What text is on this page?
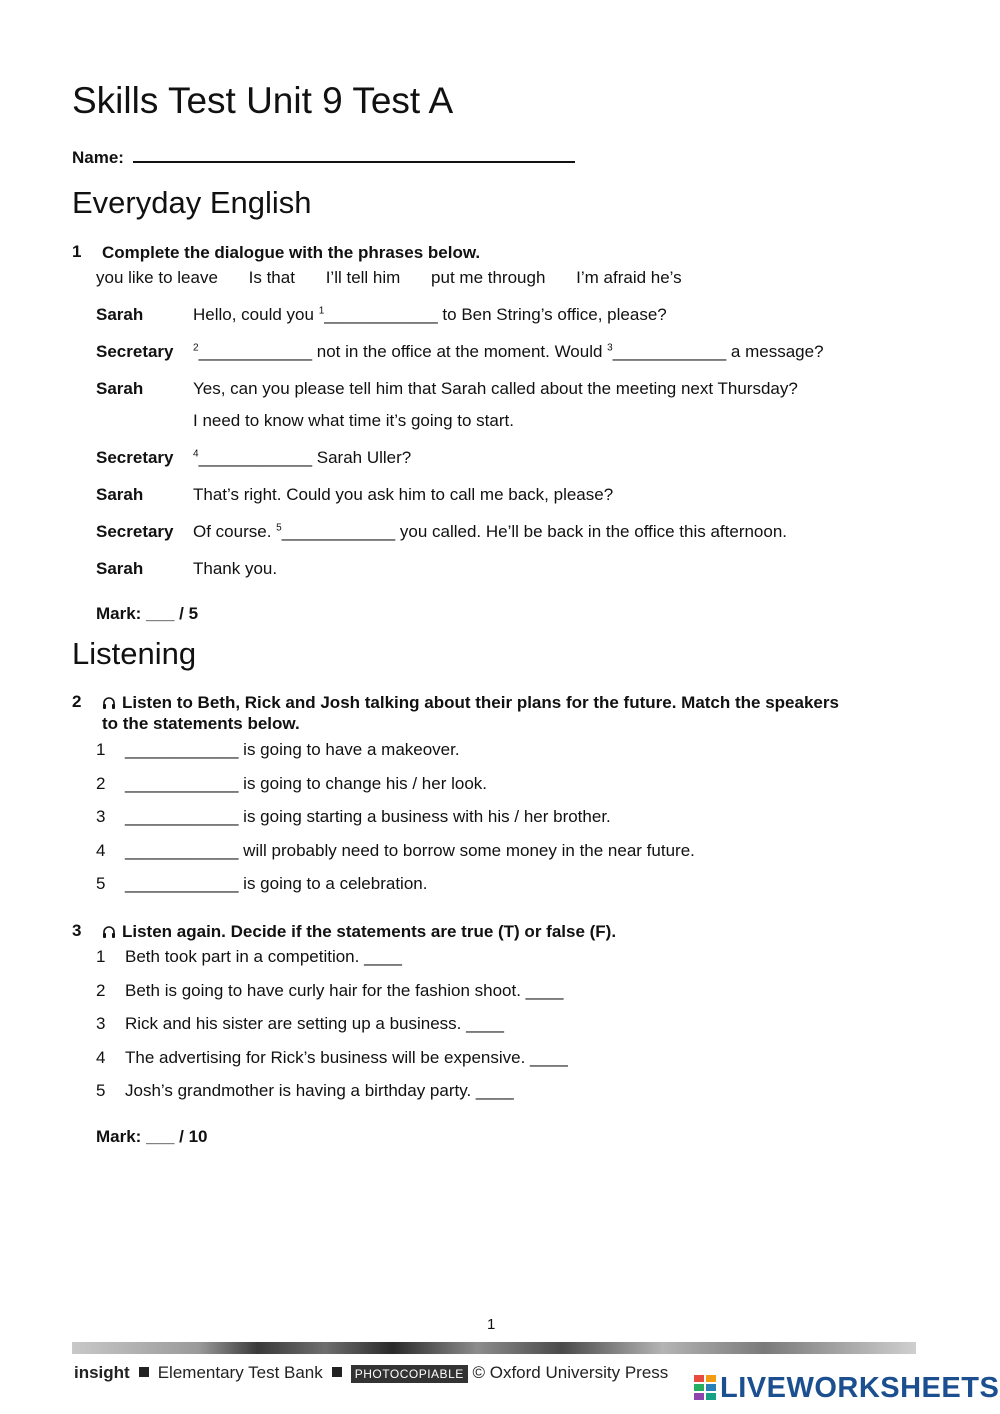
Skills Test Unit 9 Test A
Name:
Everyday English
1 Complete the dialogue with the phrases below.
you like to leave Is that I’ll tell him put me through I’m afraid he’s
Sarah	Hello, could you $^1$____________ to Ben String’s office, please?
Secretary $^2$____________ not in the office at the moment. Would $^3$____________ a message?
Sarah	Yes, can you please tell him that Sarah called about the meeting next Thursday?
I need to know what time it’s going to start.
Secretary $^4$____________ Sarah Uller?
Sarah	That’s right. Could you ask him to call me back, please?
Secretary Of course. $^5$____________ you called. He’ll be back in the office this afternoon.
Sarah	Thank you.
Mark: ___ / 5
Listening
2	Listen to Beth, Rick and Josh talking about their plans for the future. Match the speakers
to the statements below.
1 ____________ is going to have a makeover.
2 ____________ is going to change his / her look.
3 ____________ is going starting a business with his / her brother.
4 ____________ will probably need to borrow some money in the near future.
5 ____________ is going to a celebration.
3	Listen again. Decide if the statements are true (T) or false (F).
1 Beth took part in a competition. ____
2 Beth is going to have curly hair for the fashion shoot. ____
3 Rick and his sister are setting up a business. ____
4 The advertising for Rick’s business will be expensive. ____
5 Josh’s grandmother is having a birthday party. ____
Mark: ___ / 10
1
insight Elementary Test Bank	PHOTOCOPIABLE © Oxford University Press	LIVEWORKSHEETS
